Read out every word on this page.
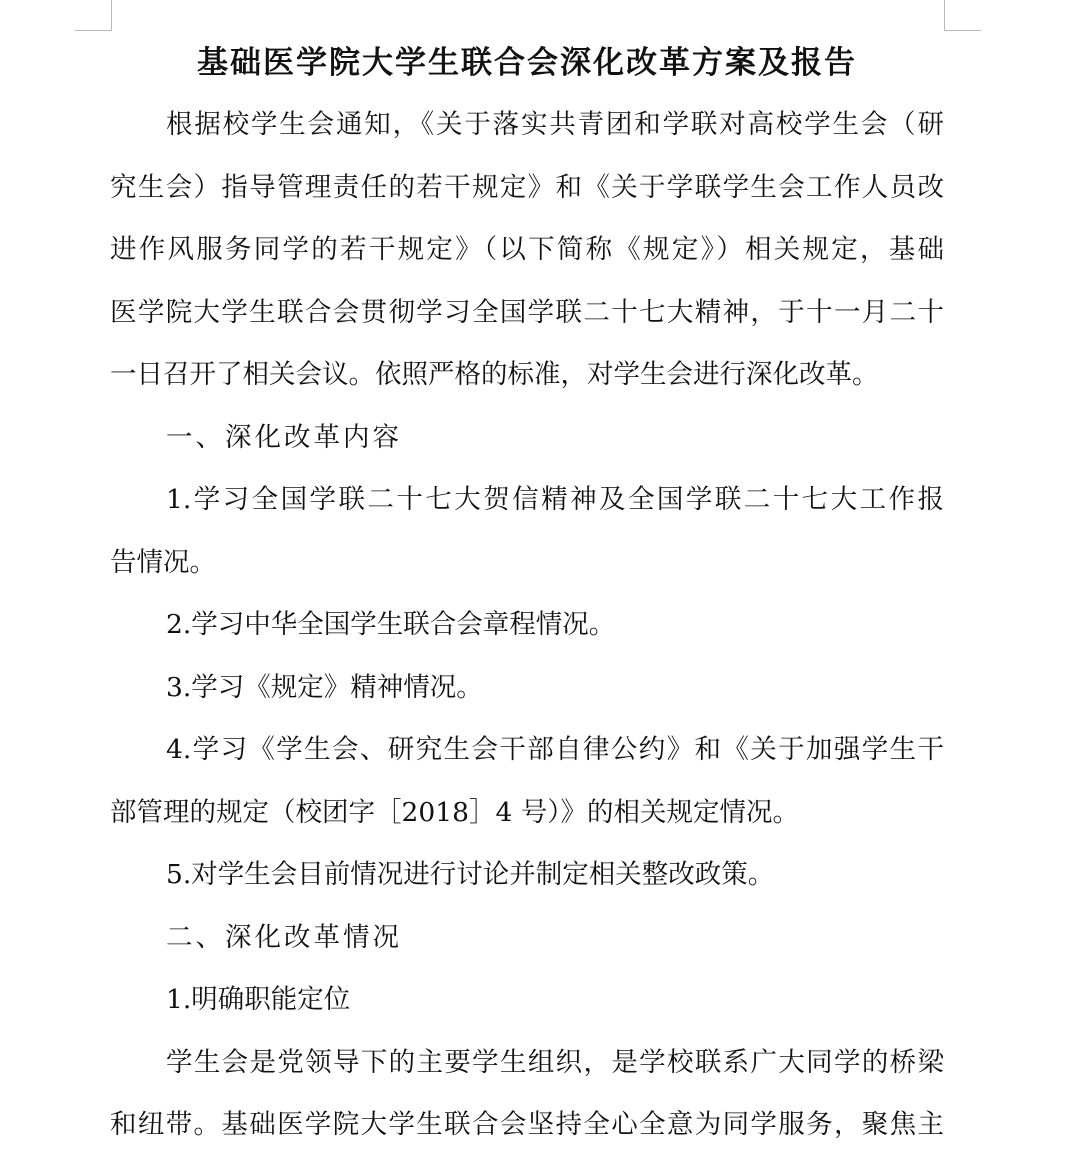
基础医学院大学生联合会深化改革方案及报告
根据校学生会通知，《关于落实共青团和学联对高校学生会（研
究生会）指导管理责任的若干规定》和《关于学联学生会工作人员改
进作风服务同学的若干规定》（以下简称《规定》）相关规定，基础
医学院大学生联合会贯彻学习全国学联二十七大精神，于十一月二十
一日召开了相关会议。依照严格的标准，对学生会进行深化改革。
一、深化改革内容
1.学习全国学联二十七大贺信精神及全国学联二十七大工作报
告情况。
2.学习中华全国学生联合会章程情况。
3.学习《规定》精神情况。
4.学习《学生会、研究生会干部自律公约》和《关于加强学生干
部管理的规定（校团字［2018］4 号）》的相关规定情况。
5.对学生会目前情况进行讨论并制定相关整改政策。
二、深化改革情况
1.明确职能定位
学生会是党领导下的主要学生组织，是学校联系广大同学的桥梁
和纽带。基础医学院大学生联合会坚持全心全意为同学服务，聚焦主
